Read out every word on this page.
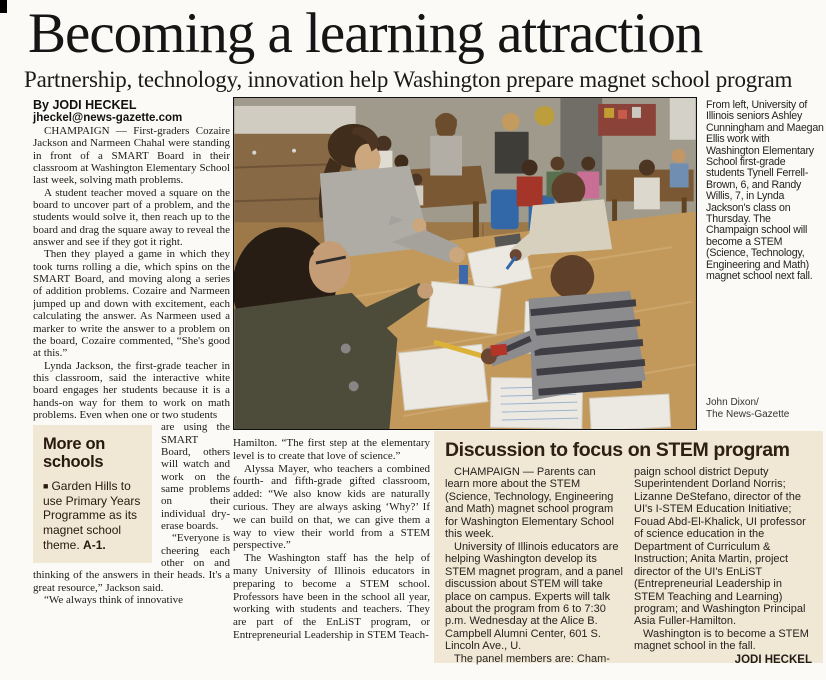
Becoming a learning attraction
Partnership, technology, innovation help Washington prepare magnet school program
By JODI HECKEL
jheckel@news-gazette.com

CHAMPAIGN — First-graders Cozaire Jackson and Narmeen Chahal were standing in front of a SMART Board in their classroom at Washington Elementary School last week, solving math problems.

A student teacher moved a square on the board to uncover part of a problem, and the students would solve it, then reach up to the board and drag the square away to reveal the answer and see if they got it right.

Then they played a game in which they took turns rolling a die, which spins on the SMART Board, and moving along a series of addition problems. Cozaire and Narmeen jumped up and down with excitement, each calculating the answer. As Narmeen used a marker to write the answer to a problem on the board, Cozaire commented, “She's good at this.”

Lynda Jackson, the first-grade teacher in this classroom, said the interactive white board engages her students because it is a hands-on way for them to work on math problems. Even when one or two students

More on schools

■ Garden Hills to use Primary Years Programme as its magnet school theme. A-1.

are using the SMART Board, others will watch and work on the same problems on their individual dry-erase boards.

“Everyone is cheering each other on and thinking of the answers in their heads. It's a great resource,” Jackson said.

“We always think of innovative

Hamilton. “The first step at the elementary level is to create that love of science.”

Alyssa Mayer, who teachers a combined fourth- and fifth-grade gifted classroom, added: “We also know kids are naturally curious. They are always asking ‘Why?’ If we can build on that, we can give them a way to view their world from a STEM perspective.”

The Washington staff has the help of many University of Illinois educators in preparing to become a STEM school. Professors have been in the school all year, working with students and teachers. They are part of the EnLiST program, or Entrepreneurial Leadership in STEM Teach-

From left, University of Illinois seniors Ashley Cunningham and Maegan Ellis work with Washington Elementary School first-grade students Tynell Ferrell-Brown, 6, and Randy Willis, 7, in Lynda Jackson's class on Thursday. The Champaign school will become a STEM (Science, Technology, Engineering and Math) magnet school next fall.

John Dixon/
The News-Gazette
Discussion to focus on STEM program

CHAMPAIGN — Parents can learn more about the STEM (Science, Technology, Engineering and Math) magnet school program for Washington Elementary School this week.

University of Illinois educators are helping Washington develop its STEM magnet program, and a panel discussion about STEM will take place on campus. Experts will talk about the program from 6 to 7:30 p.m. Wednesday at the Alice B. Campbell Alumni Center, 601 S. Lincoln Ave., U.

The panel members are: Cham-

paign school district Deputy Superintendent Dorland Norris; Lizanne DeStefano, director of the UI's I-STEM Education Initiative; Fouad Abd-El-Khalick, UI professor of science education in the Department of Curriculum & Instruction; Anita Martin, project director of the UI's EnLiST (Entrepreneurial Leadership in STEM Teaching and Learning) program; and Washington Principal Asia Fuller-Hamilton.

Washington is to become a STEM magnet school in the fall.

JODI HECKEL
